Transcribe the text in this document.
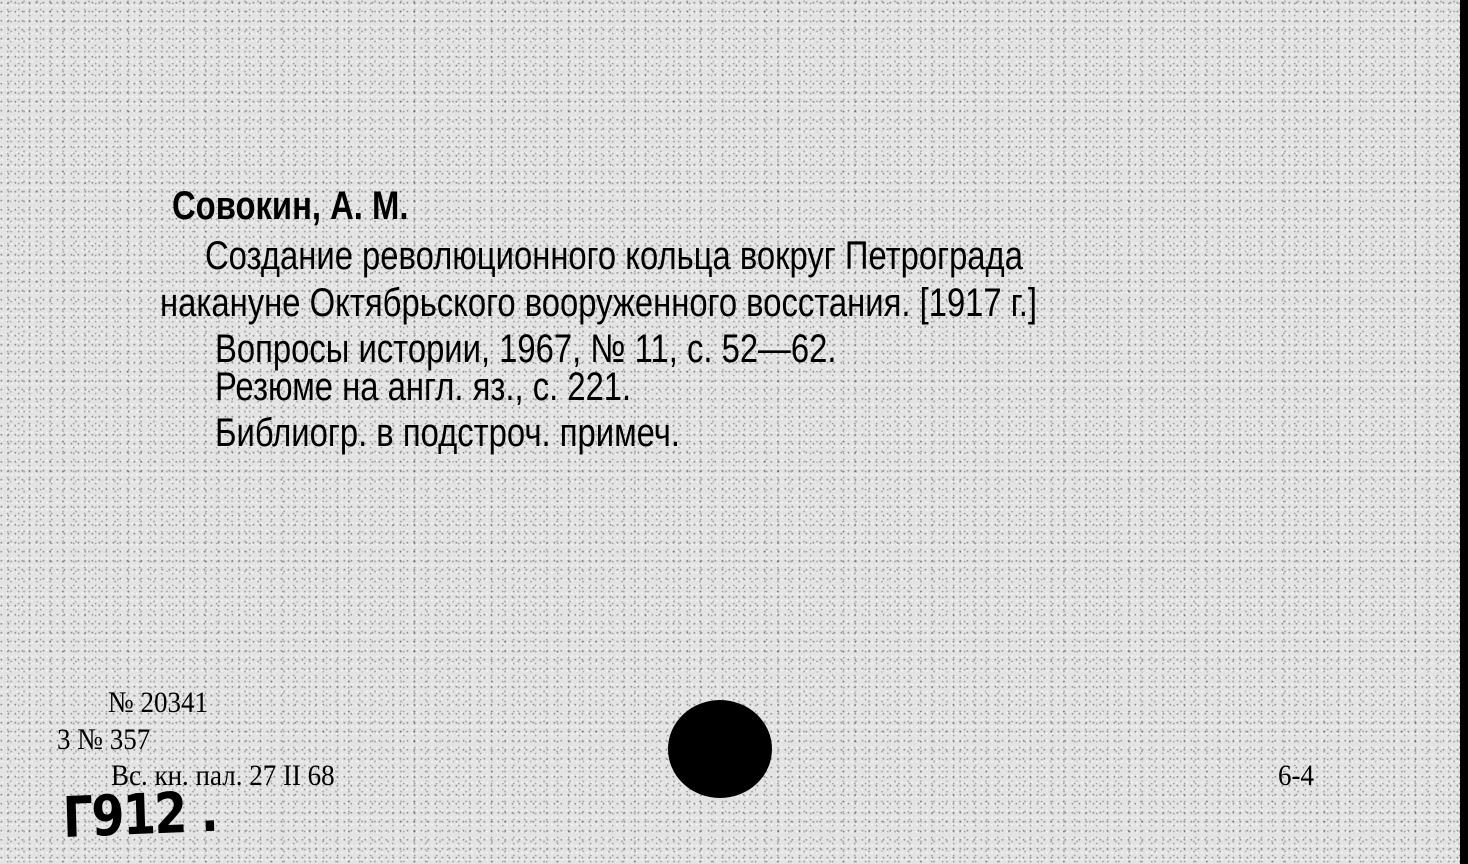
Совокин, А. М.
Создание революционного кольца вокруг Петрограда
накануне Октябрьского вооруженного восстания. [1917 г.]
Вопросы истории, 1967, № 11, с. 52—62.
Резюме на англ. яз., с. 221.
Библиогр. в подстроч. примеч.
№ 20341
3 № 357
Вс. кн. пал. 27 II 68	6-4
Г912 .
